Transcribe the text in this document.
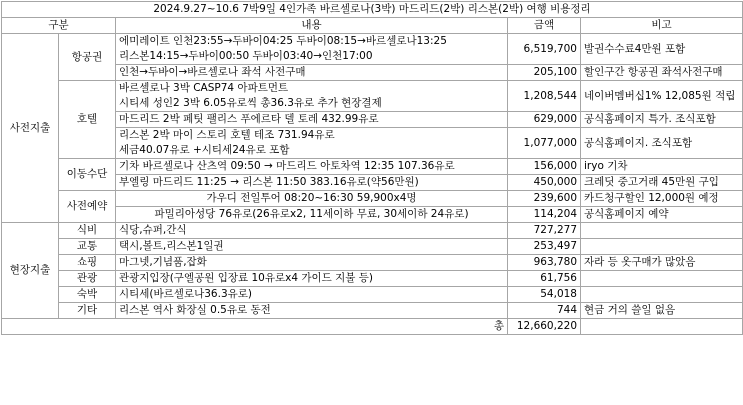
2024.9.27~10.6 7박9일 4인가족 바르셀로나(3박) 마드리드(2박) 리스본(2박) 여행 비용정리				
구분		내용	금액	비고
사전지출	항공권	에미레이트 인천23:55→두바이04:25 두바이08:15→바르셀로나13:25
리스본14:15→두바이00:50 두바이03:40→인천17:00	6,519,700	발권수수료4만원 포함
		인천→두바이→바르셀로나 좌석 사전구매	205,100	할인구간 항공권 좌석사전구매
	호텔	바르셀로나 3박 CASP74 아파트먼트
시티세 성인2 3박 6.05유로씩 총36.3유로 추가 현장결제	1,208,544	네이버멤버십1% 12,085원 적립
		마드리드 2박 페팃 팰리스 푸에르타 델 토레 432.99유로	629,000	공식홈페이지 특가. 조식포함
		리스본 2박 마이 스토리 호텔 테조 731.94유로
세금40.07유로 +시티세24유로 포함	1,077,000	공식홈페이지. 조식포함
	이동수단	기차 바르셀로나 산츠역 09:50 → 마드리드 아토차역 12:35 107.36유로	156,000	iryo 기차
		부엘링 마드리드 11:25 → 리스본 11:50 383.16유로(약56만원)	450,000	크레딧 중고거래 45만원 구입
	사전예약	가우디 전일투어 08:20~16:30 59,900x4명	239,600	카드청구할인 12,000원 예정
		파밀리아성당 76유로(26유로x2, 11세이하 무료, 30세이하 24유로)	114,204	공식홈페이지 예약
현장지출	식비	식당,슈퍼,간식	727,277	
	교통	택시,볼트,리스본1일권	253,497	
	쇼핑	마그넷,기념품,잡화	963,780	자라 등 옷구매가 많았음
	관광	관광지입장(구엘공원 입장료 10유로x4 가이드 지불 등)	61,756	
	숙박	시티세(바르셀로나36.3유로)	54,018	
	기타	리스본 역사 화장실 0.5유로 동전	744	현금 거의 쓸일 없음
총			12,660,220	
